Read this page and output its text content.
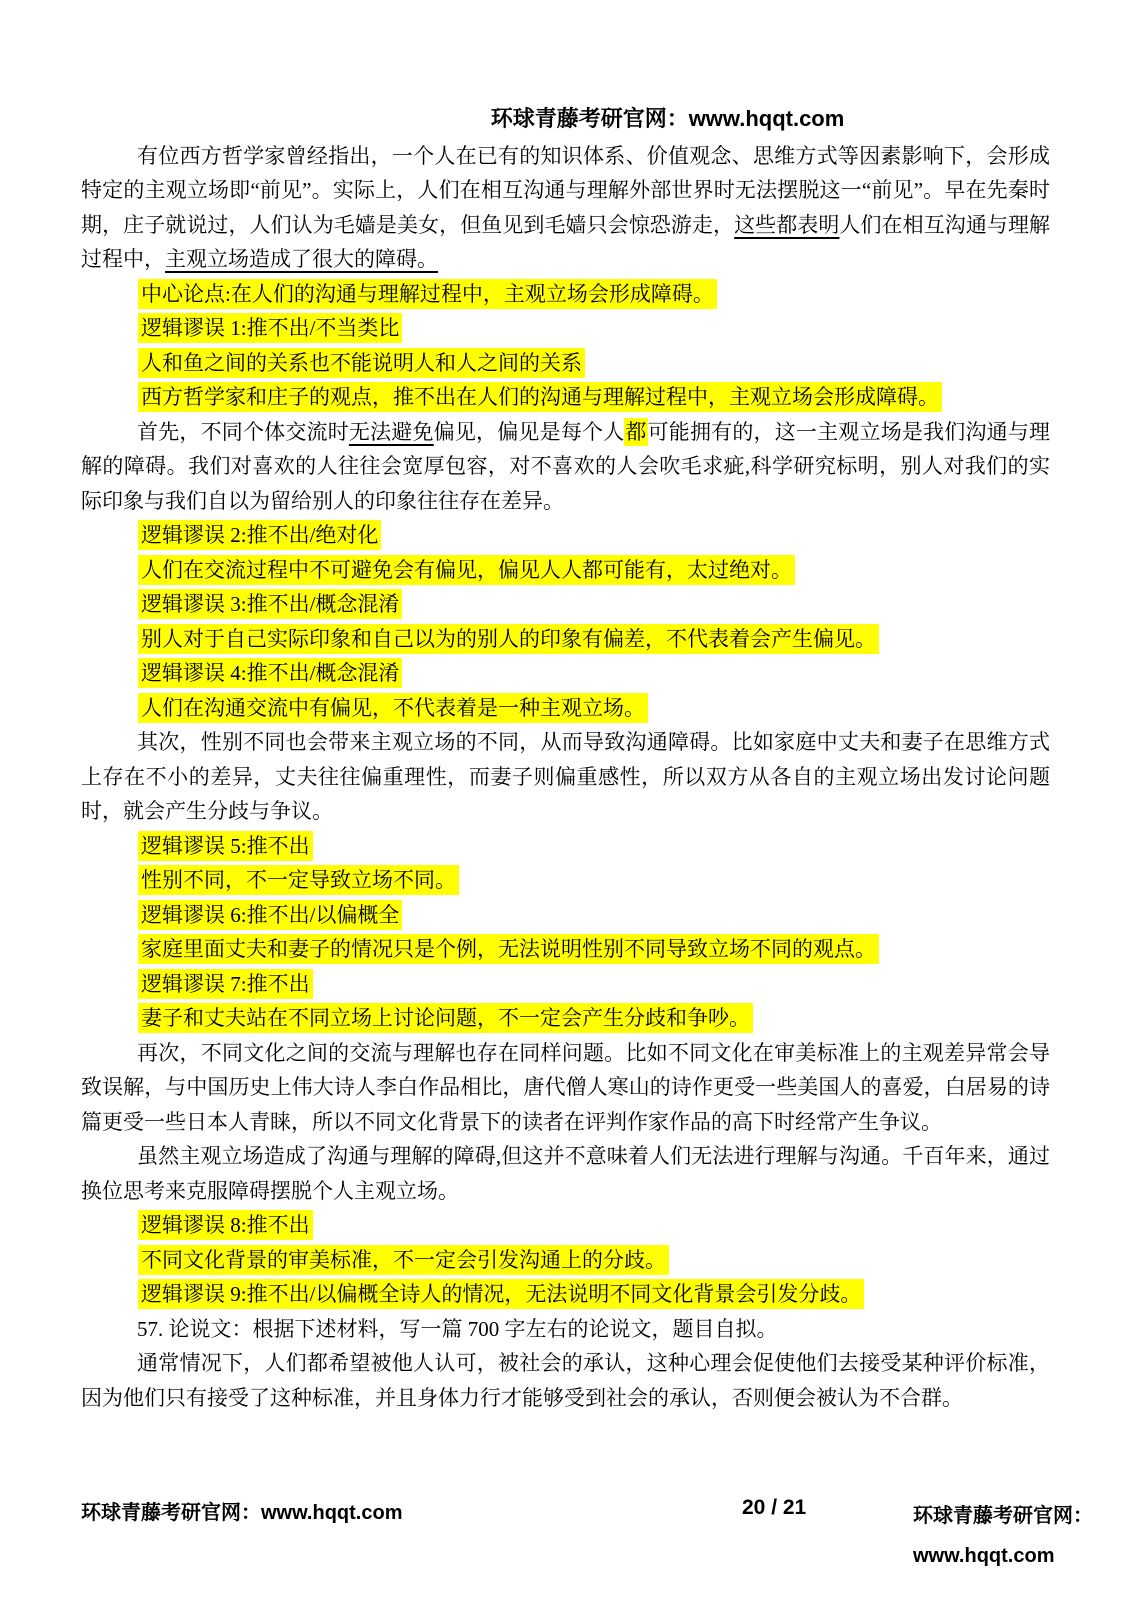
环球青藤考研官网：www.hqqt.com

有位西方哲学家曾经指出，一个人在已有的知识体系、价值观念、思维方式等因素影响下，会形成特定的主观立场即“前见”。实际上，人们在相互沟通与理解外部世界时无法摆脱这一“前见”。早在先秦时期，庄子就说过，人们认为毛嫱是美女，但鱼见到毛嫱只会惊恐游走，这些都表明人们在相互沟通与理解过程中，主观立场造成了很大的障碍。

中心论点:在人们的沟通与理解过程中，主观立场会形成障碍。
逻辑谬误 1:推不出/不当类比
人和鱼之间的关系也不能说明人和人之间的关系
西方哲学家和庄子的观点，推不出在人们的沟通与理解过程中，主观立场会形成障碍。

首先，不同个体交流时无法避免偏见，偏见是每个人都可能拥有的，这一主观立场是我们沟通与理解的障碍。我们对喜欢的人往往会宽厚包容，对不喜欢的人会吹毛求疵,科学研究标明，别人对我们的实际印象与我们自以为留给别人的印象往往存在差异。

逻辑谬误 2:推不出/绝对化
人们在交流过程中不可避免会有偏见，偏见人人都可能有，太过绝对。
逻辑谬误 3:推不出/概念混淆
别人对于自己实际印象和自己以为的别人的印象有偏差，不代表着会产生偏见。
逻辑谬误 4:推不出/概念混淆
人们在沟通交流中有偏见，不代表着是一种主观立场。

其次，性别不同也会带来主观立场的不同，从而导致沟通障碍。比如家庭中丈夫和妻子在思维方式上存在不小的差异，丈夫往往偏重理性，而妻子则偏重感性，所以双方从各自的主观立场出发讨论问题时，就会产生分歧与争议。

逻辑谬误 5:推不出
性别不同，不一定导致立场不同。
逻辑谬误 6:推不出/以偏概全
家庭里面丈夫和妻子的情况只是个例，无法说明性别不同导致立场不同的观点。
逻辑谬误 7:推不出
妻子和丈夫站在不同立场上讨论问题，不一定会产生分歧和争吵。

再次，不同文化之间的交流与理解也存在同样问题。比如不同文化在审美标准上的主观差异常会导致误解，与中国历史上伟大诗人李白作品相比，唐代僧人寒山的诗作更受一些美国人的喜爱，白居易的诗篇更受一些日本人青睐，所以不同文化背景下的读者在评判作家作品的高下时经常产生争议。

虽然主观立场造成了沟通与理解的障碍,但这并不意味着人们无法进行理解与沟通。千百年来，通过换位思考来克服障碍摆脱个人主观立场。

逻辑谬误 8:推不出
不同文化背景的审美标准，不一定会引发沟通上的分歧。
逻辑谬误 9:推不出/以偏概全诗人的情况，无法说明不同文化背景会引发分歧。

57. 论说文：根据下述材料，写一篇 700 字左右的论说文，题目自拟。

通常情况下，人们都希望被他人认可，被社会的承认，这种心理会促使他们去接受某种评价标准，因为他们只有接受了这种标准，并且身体力行才能够受到社会的承认，否则便会被认为不合群。

环球青藤考研官网：www.hqqt.com	20 / 21	环球青藤考研官网：
www.hqqt.com
